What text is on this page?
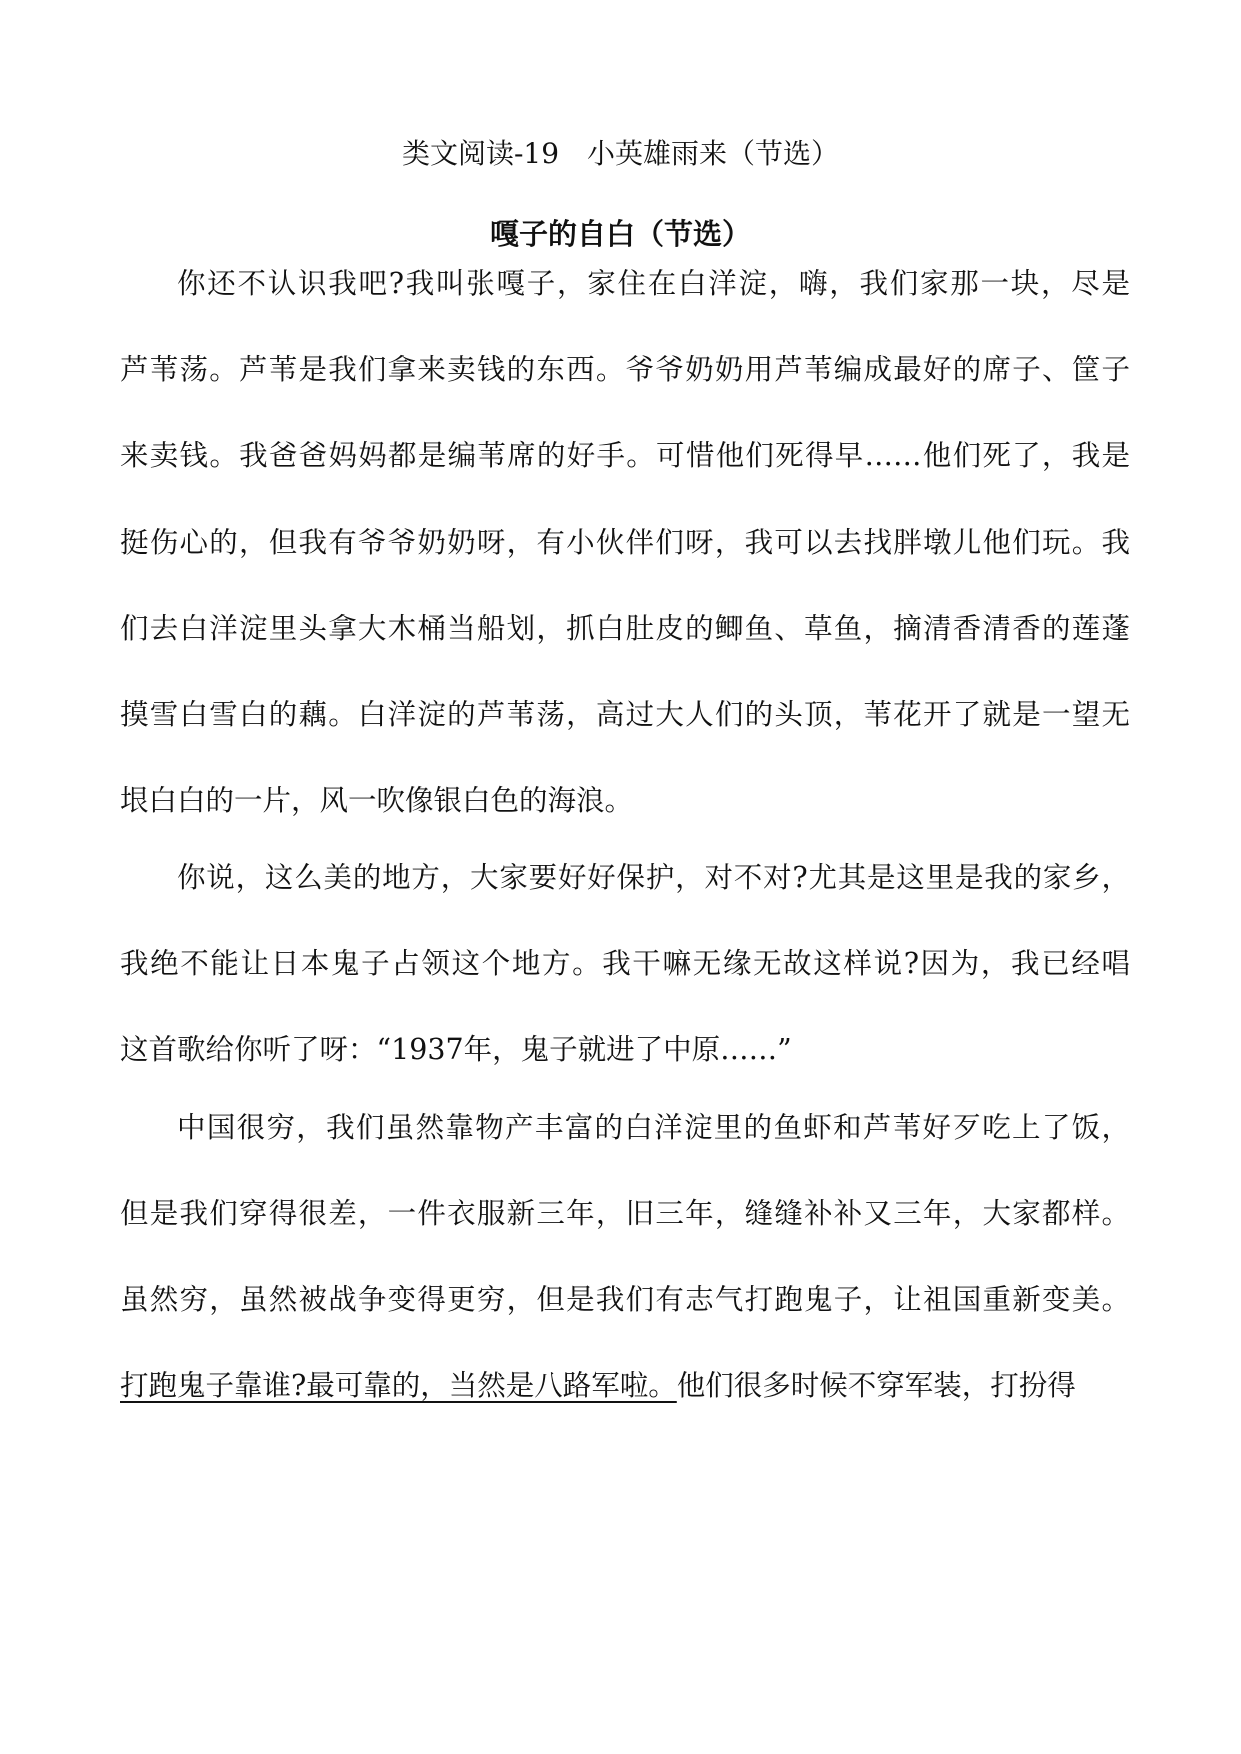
类文阅读-19　小英雄雨来（节选）
嘎子的自白（节选）
你还不认识我吧?我叫张嘎子，家住在白洋淀，嗨，我们家那一块，尽是
芦苇荡。芦苇是我们拿来卖钱的东西。爷爷奶奶用芦苇编成最好的席子、筐子
来卖钱。我爸爸妈妈都是编苇席的好手。可惜他们死得早……他们死了，我是
挺伤心的，但我有爷爷奶奶呀，有小伙伴们呀，我可以去找胖墩儿他们玩。我
们去白洋淀里头拿大木桶当船划，抓白肚皮的鲫鱼、草鱼，摘清香清香的莲蓬
摸雪白雪白的藕。白洋淀的芦苇荡，高过大人们的头顶，苇花开了就是一望无
垠白白的一片，风一吹像银白色的海浪。
你说，这么美的地方，大家要好好保护，对不对?尤其是这里是我的家乡，
我绝不能让日本鬼子占领这个地方。我干嘛无缘无故这样说?因为，我已经唱
这首歌给你听了呀：“1937年，鬼子就进了中原……”
中国很穷，我们虽然靠物产丰富的白洋淀里的鱼虾和芦苇好歹吃上了饭，
但是我们穿得很差，一件衣服新三年，旧三年，缝缝补补又三年，大家都样。
虽然穷，虽然被战争变得更穷，但是我们有志气打跑鬼子，让祖国重新变美。
打跑鬼子靠谁?最可靠的，当然是八路军啦。他们很多时候不穿军装，打扮得
